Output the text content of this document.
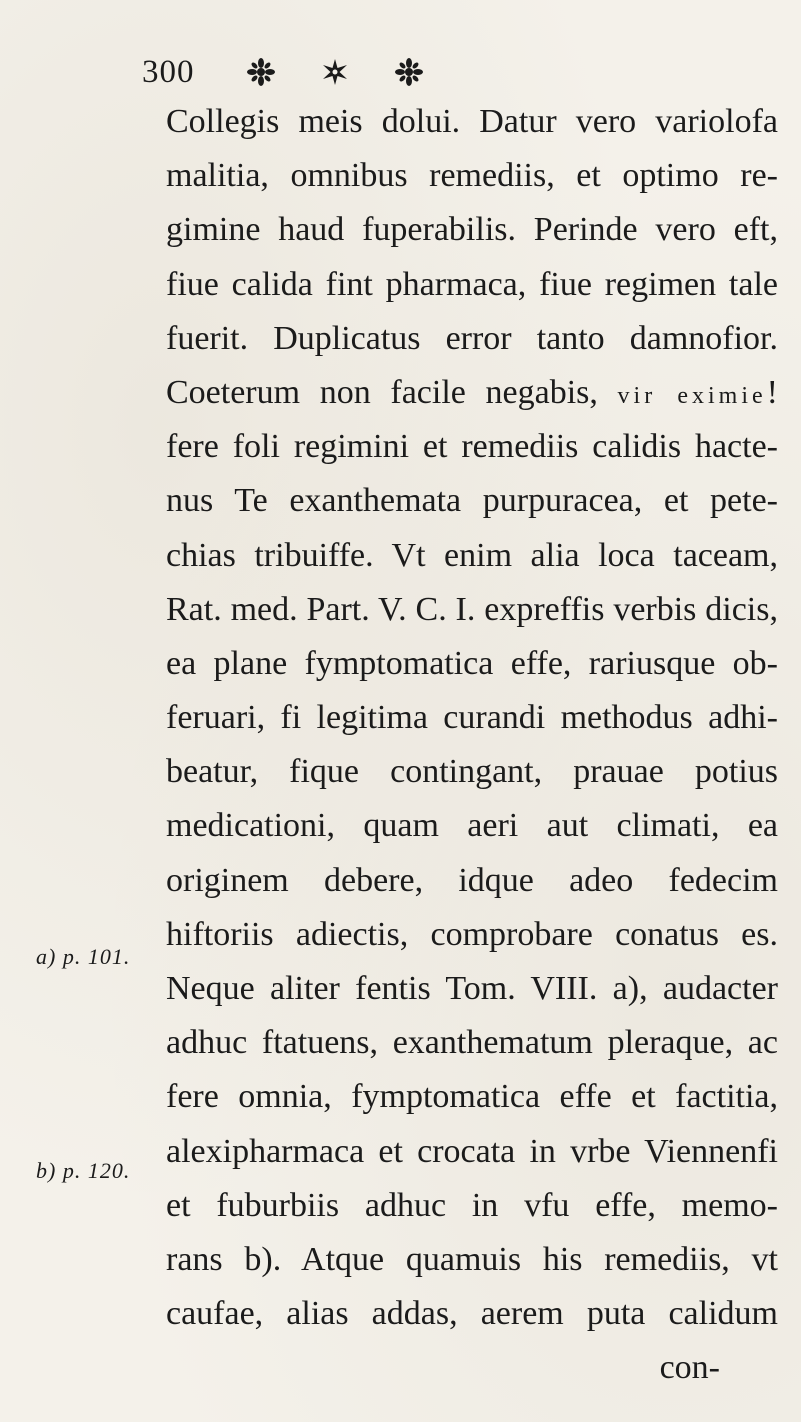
300
Collegis meis dolui. Datur vero variolofa
malitia, omnibus remediis, et optimo re-
gimine haud fuperabilis. Perinde vero eft,
fiue calida fint pharmaca, fiue regimen tale
fuerit. Duplicatus error tanto damnofior.
Coeterum non facile negabis, vir eximie!
fere foli regimini et remediis calidis hacte-
nus Te exanthemata purpuracea, et pete-
chias tribuiffe. Vt enim alia loca taceam,
Rat. med. Part. V. C. I. expreffis verbis dicis,
ea plane fymptomatica effe, rariusque ob-
feruari, fi legitima curandi methodus adhi-
beatur, fique contingant, prauae potius
medicationi, quam aeri aut climati, ea
originem debere, idque adeo fedecim
hiftoriis adiectis, comprobare conatus es.
Neque aliter fentis Tom. VIII. a), audacter
adhuc ftatuens, exanthematum pleraque, ac
fere omnia, fymptomatica effe et factitia,
alexipharmaca et crocata in vrbe Viennenfi
et fuburbiis adhuc in vfu effe, memo-
rans b). Atque quamuis his remediis, vt
caufae, alias addas, aerem puta calidum
con-
a) p. 101.
b) p. 120.
